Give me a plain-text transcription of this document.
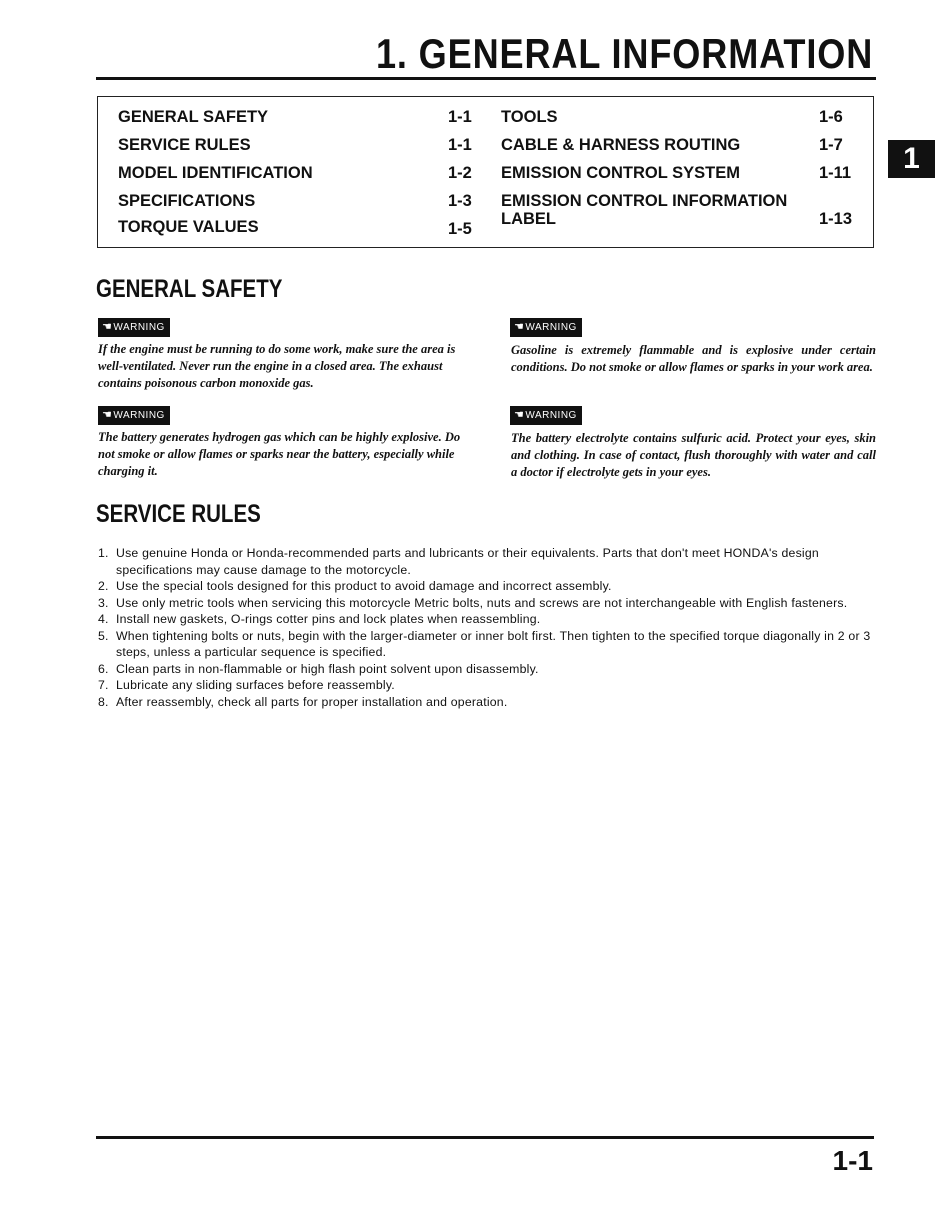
1. GENERAL INFORMATION
1
GENERAL SAFETY	1-1
SERVICE RULES	1-1
MODEL IDENTIFICATION	1-2
SPECIFICATIONS	1-3
TORQUE VALUES	1-5
TOOLS	1-6
CABLE & HARNESS ROUTING	1-7
EMISSION CONTROL SYSTEM	1-11
EMISSION CONTROL INFORMATION
LABEL	1-13
GENERAL SAFETY
☚WARNING
If the engine must be running to do some work, make sure the area is well-ventilated. Never run the engine in a closed area. The exhaust contains poisonous carbon monoxide gas.
☚WARNING
Gasoline is extremely flammable and is explosive under certain conditions. Do not smoke or allow flames or sparks in your work area.
☚WARNING
The battery generates hydrogen gas which can be highly explosive. Do not smoke or allow flames or sparks near the battery, especially while charging it.
☚WARNING
The battery electrolyte contains sulfuric acid. Protect your eyes, skin and clothing. In case of contact, flush thoroughly with water and call a doctor if electrolyte gets in your eyes.
SERVICE RULES
1. Use genuine Honda or Honda-recommended parts and lubricants or their equivalents. Parts that don't meet HONDA's design specifications may cause damage to the motorcycle.
2. Use the special tools designed for this product to avoid damage and incorrect assembly.
3. Use only metric tools when servicing this motorcycle Metric bolts, nuts and screws are not interchangeable with English fasteners.
4. Install new gaskets, O-rings cotter pins and lock plates when reassembling.
5. When tightening bolts or nuts, begin with the larger-diameter or inner bolt first. Then tighten to the specified torque diagonally in 2 or 3 steps, unless a particular sequence is specified.
6. Clean parts in non-flammable or high flash point solvent upon disassembly.
7. Lubricate any sliding surfaces before reassembly.
8. After reassembly, check all parts for proper installation and operation.
1-1
